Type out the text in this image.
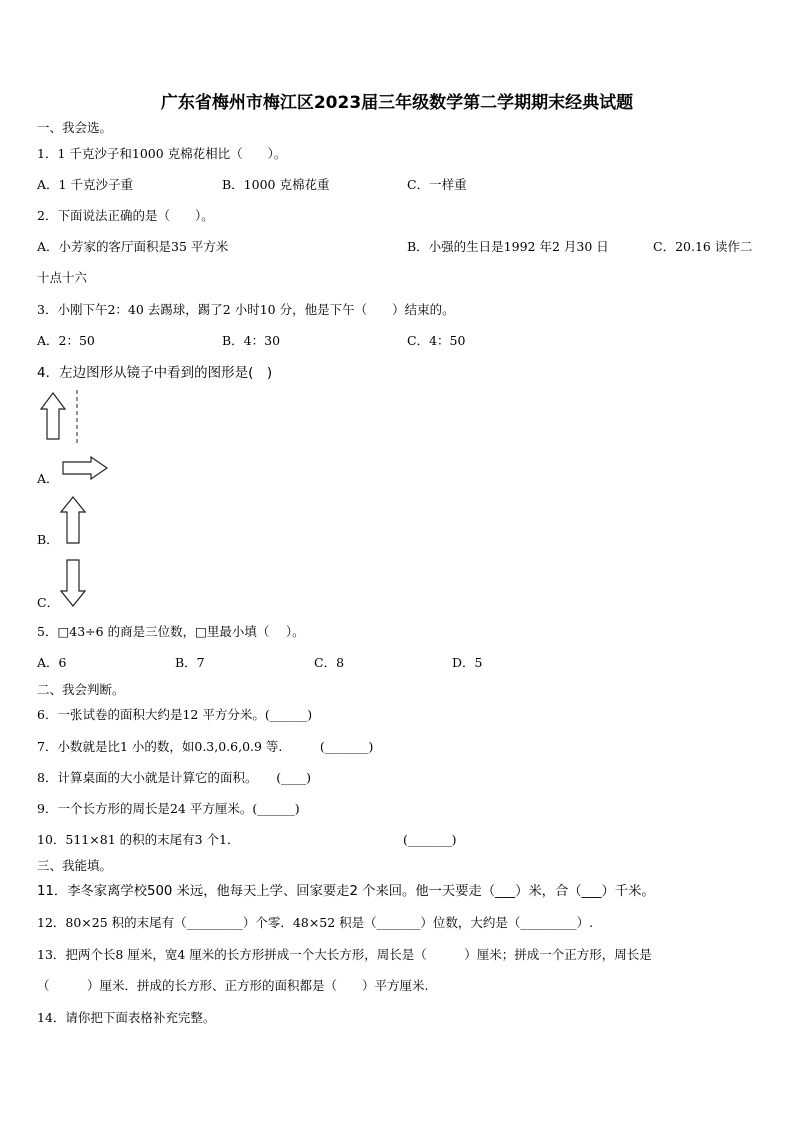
广东省梅州市梅江区2023届三年级数学第二学期期末经典试题
一、我会选。
1．1 千克沙子和1000 克棉花相比（　　）。
A．1 千克沙子重	B．1000 克棉花重	C．一样重
2．下面说法正确的是（　　）。
A．小芳家的客厅面积是35 平方米	B．小强的生日是1992 年2 月30 日	C．20.16 读作二
十点十六
3．小刚下午2：40 去踢球，踢了2 小时10 分，他是下午（　　）结束的。
A．2：50	B．4：30	C．4：50
4．左边图形从镜子中看到的图形是(　)
A．
B．
C．
5．□43÷6 的商是三位数，□里最小填（　 ）。
A．6	B．7	C．8	D．5
二、我会判断。
6．一张试卷的面积大约是12 平方分米。(______)
7．小数就是比1 小的数，如0.3,0.6,0.9 等.　　　(_______)
8．计算桌面的大小就是计算它的面积。　　(____)
9．一个长方形的周长是24 平方厘米。(______)
10．511×81 的积的末尾有3 个1．	(_______)
三、我能填。
11．李冬家离学校500 米远，他每天上学、回家要走2 个来回。他一天要走（___）米，合（___）千米。
12．80×25 积的末尾有（_________）个零．48×52 积是（_______）位数，大约是（_________）.
13．把两个长8 厘米，宽4 厘米的长方形拼成一个大长方形，周长是（　　　）厘米；拼成一个正方形，周长是
（　　　）厘米．拼成的长方形、正方形的面积都是（　　）平方厘米.
14．请你把下面表格补充完整。
